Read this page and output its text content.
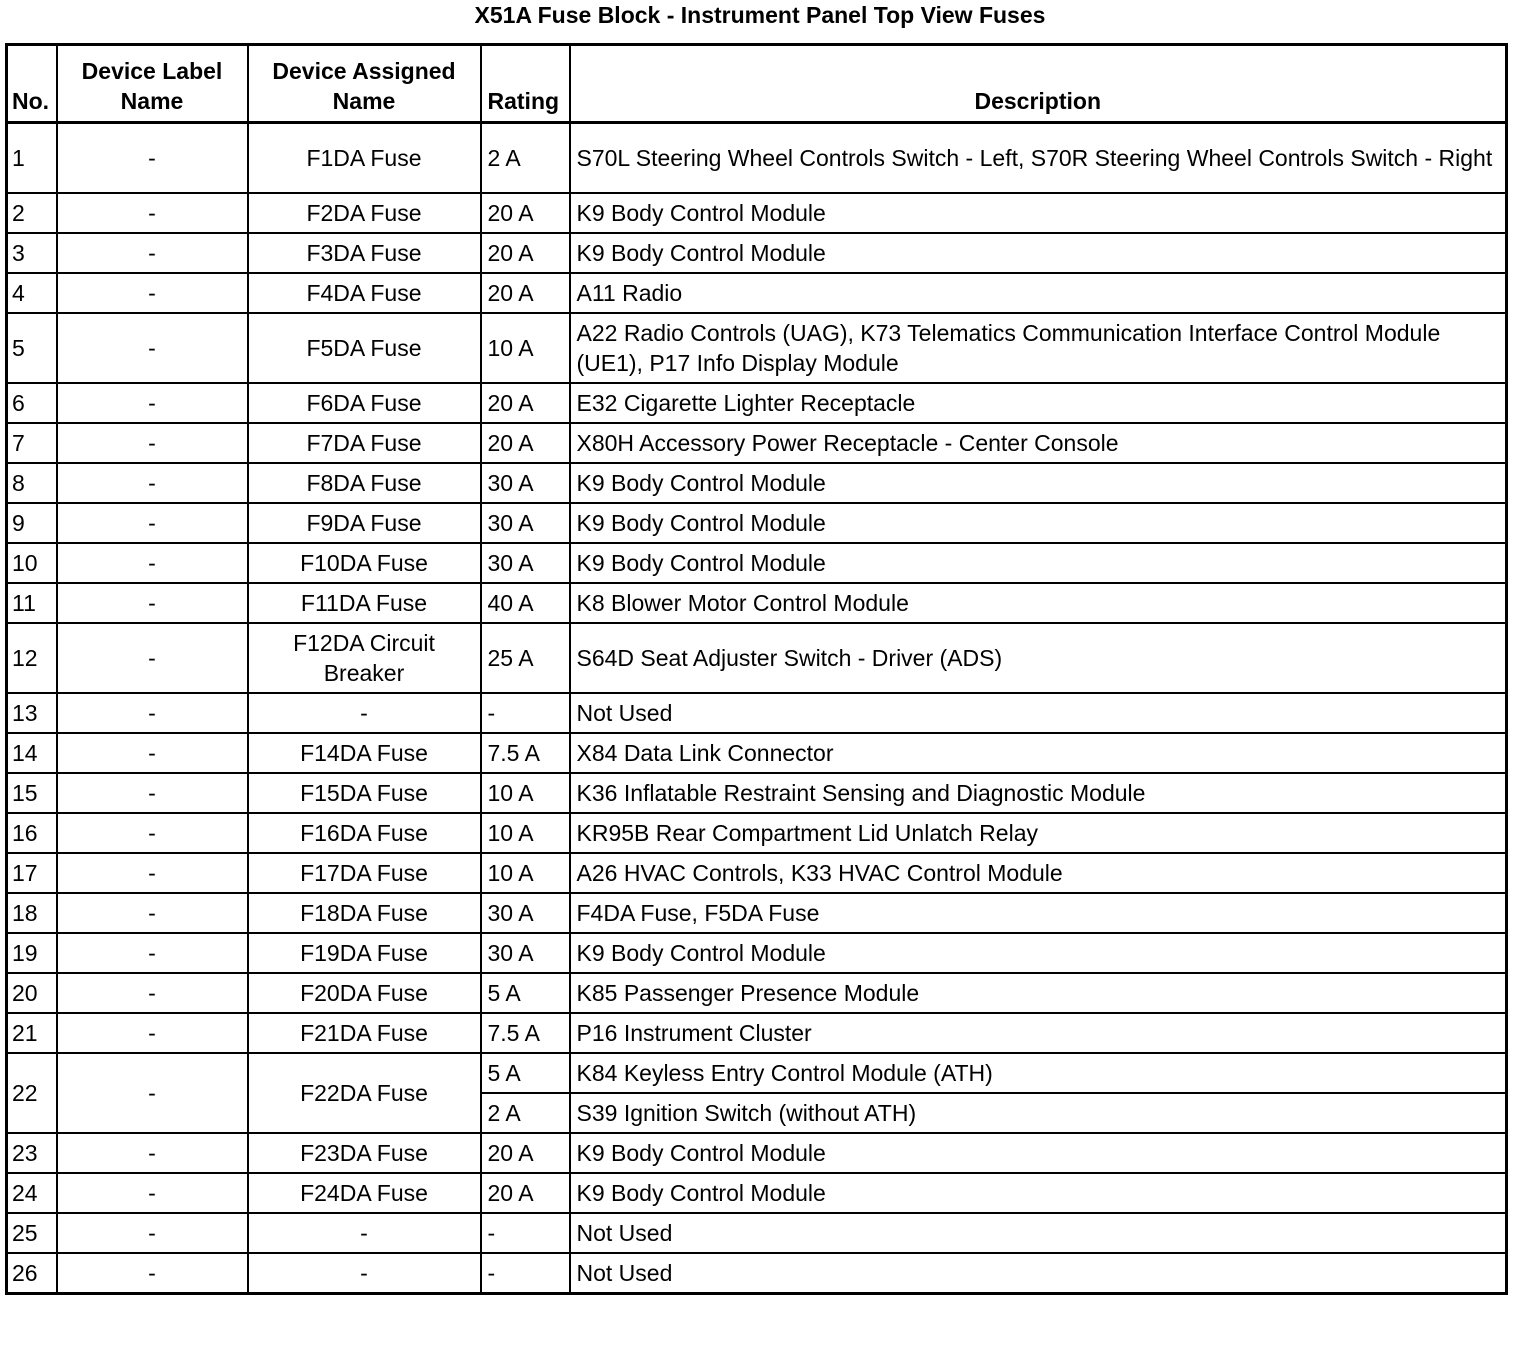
X51A Fuse Block - Instrument Panel Top View Fuses
No.	Device Label Name	Device Assigned Name	Rating	Description
1	-	F1DA Fuse	2 A	S70L Steering Wheel Controls Switch - Left, S70R Steering Wheel Controls Switch - Right
2	-	F2DA Fuse	20 A	K9 Body Control Module
3	-	F3DA Fuse	20 A	K9 Body Control Module
4	-	F4DA Fuse	20 A	A11 Radio
5	-	F5DA Fuse	10 A	A22 Radio Controls (UAG), K73 Telematics Communication Interface Control Module (UE1), P17 Info Display Module
6	-	F6DA Fuse	20 A	E32 Cigarette Lighter Receptacle
7	-	F7DA Fuse	20 A	X80H Accessory Power Receptacle - Center Console
8	-	F8DA Fuse	30 A	K9 Body Control Module
9	-	F9DA Fuse	30 A	K9 Body Control Module
10	-	F10DA Fuse	30 A	K9 Body Control Module
11	-	F11DA Fuse	40 A	K8 Blower Motor Control Module
12	-	F12DA Circuit Breaker	25 A	S64D Seat Adjuster Switch - Driver (ADS)
13	-	-	-	Not Used
14	-	F14DA Fuse	7.5 A	X84 Data Link Connector
15	-	F15DA Fuse	10 A	K36 Inflatable Restraint Sensing and Diagnostic Module
16	-	F16DA Fuse	10 A	KR95B Rear Compartment Lid Unlatch Relay
17	-	F17DA Fuse	10 A	A26 HVAC Controls, K33 HVAC Control Module
18	-	F18DA Fuse	30 A	F4DA Fuse, F5DA Fuse
19	-	F19DA Fuse	30 A	K9 Body Control Module
20	-	F20DA Fuse	5 A	K85 Passenger Presence Module
21	-	F21DA Fuse	7.5 A	P16 Instrument Cluster
22	-	F22DA Fuse	5 A	K84 Keyless Entry Control Module (ATH)
			2 A	S39 Ignition Switch (without ATH)
23	-	F23DA Fuse	20 A	K9 Body Control Module
24	-	F24DA Fuse	20 A	K9 Body Control Module
25	-	-	-	Not Used
26	-	-	-	Not Used
